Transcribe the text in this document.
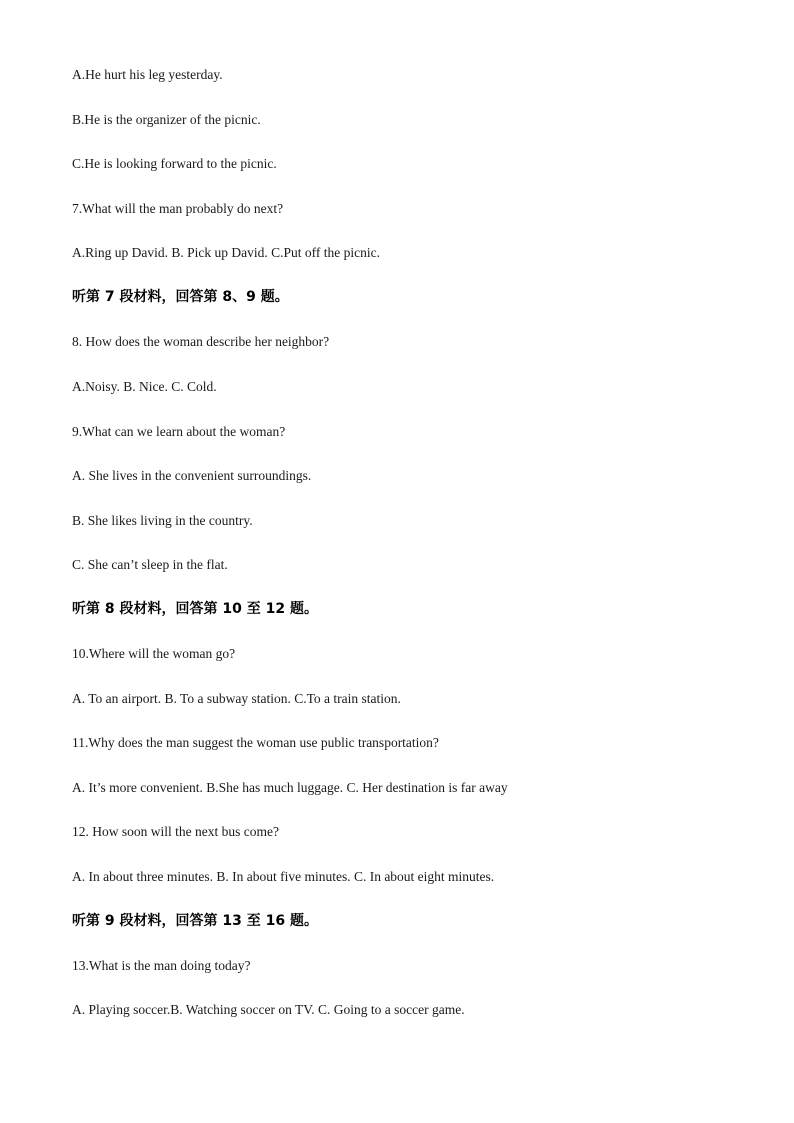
A.He hurt his leg yesterday.
B.He is the organizer of the picnic.
C.He is looking forward to the picnic.
7.What will the man probably do next?
A.Ring up David. B. Pick up David. C.Put off the picnic.
听第 7 段材料，回答第 8、9 题。
8. How does the woman describe her neighbor?
A.Noisy. B. Nice. C. Cold.
9.What can we learn about the woman?
A. She lives in the convenient surroundings.
B. She likes living in the country.
C. She can’t sleep in the flat.
听第 8 段材料，回答第 10 至 12 题。
10.Where will the woman go?
A. To an airport. B. To a subway station. C.To a train station.
11.Why does the man suggest the woman use public transportation?
A. It’s more convenient. B.She has much luggage. C. Her destination is far away
12. How soon will the next bus come?
A. In about three minutes. B. In about five minutes. C. In about eight minutes.
听第 9 段材料，回答第 13 至 16 题。
13.What is the man doing today?
A. Playing soccer.B. Watching soccer on TV. C. Going to a soccer game.
